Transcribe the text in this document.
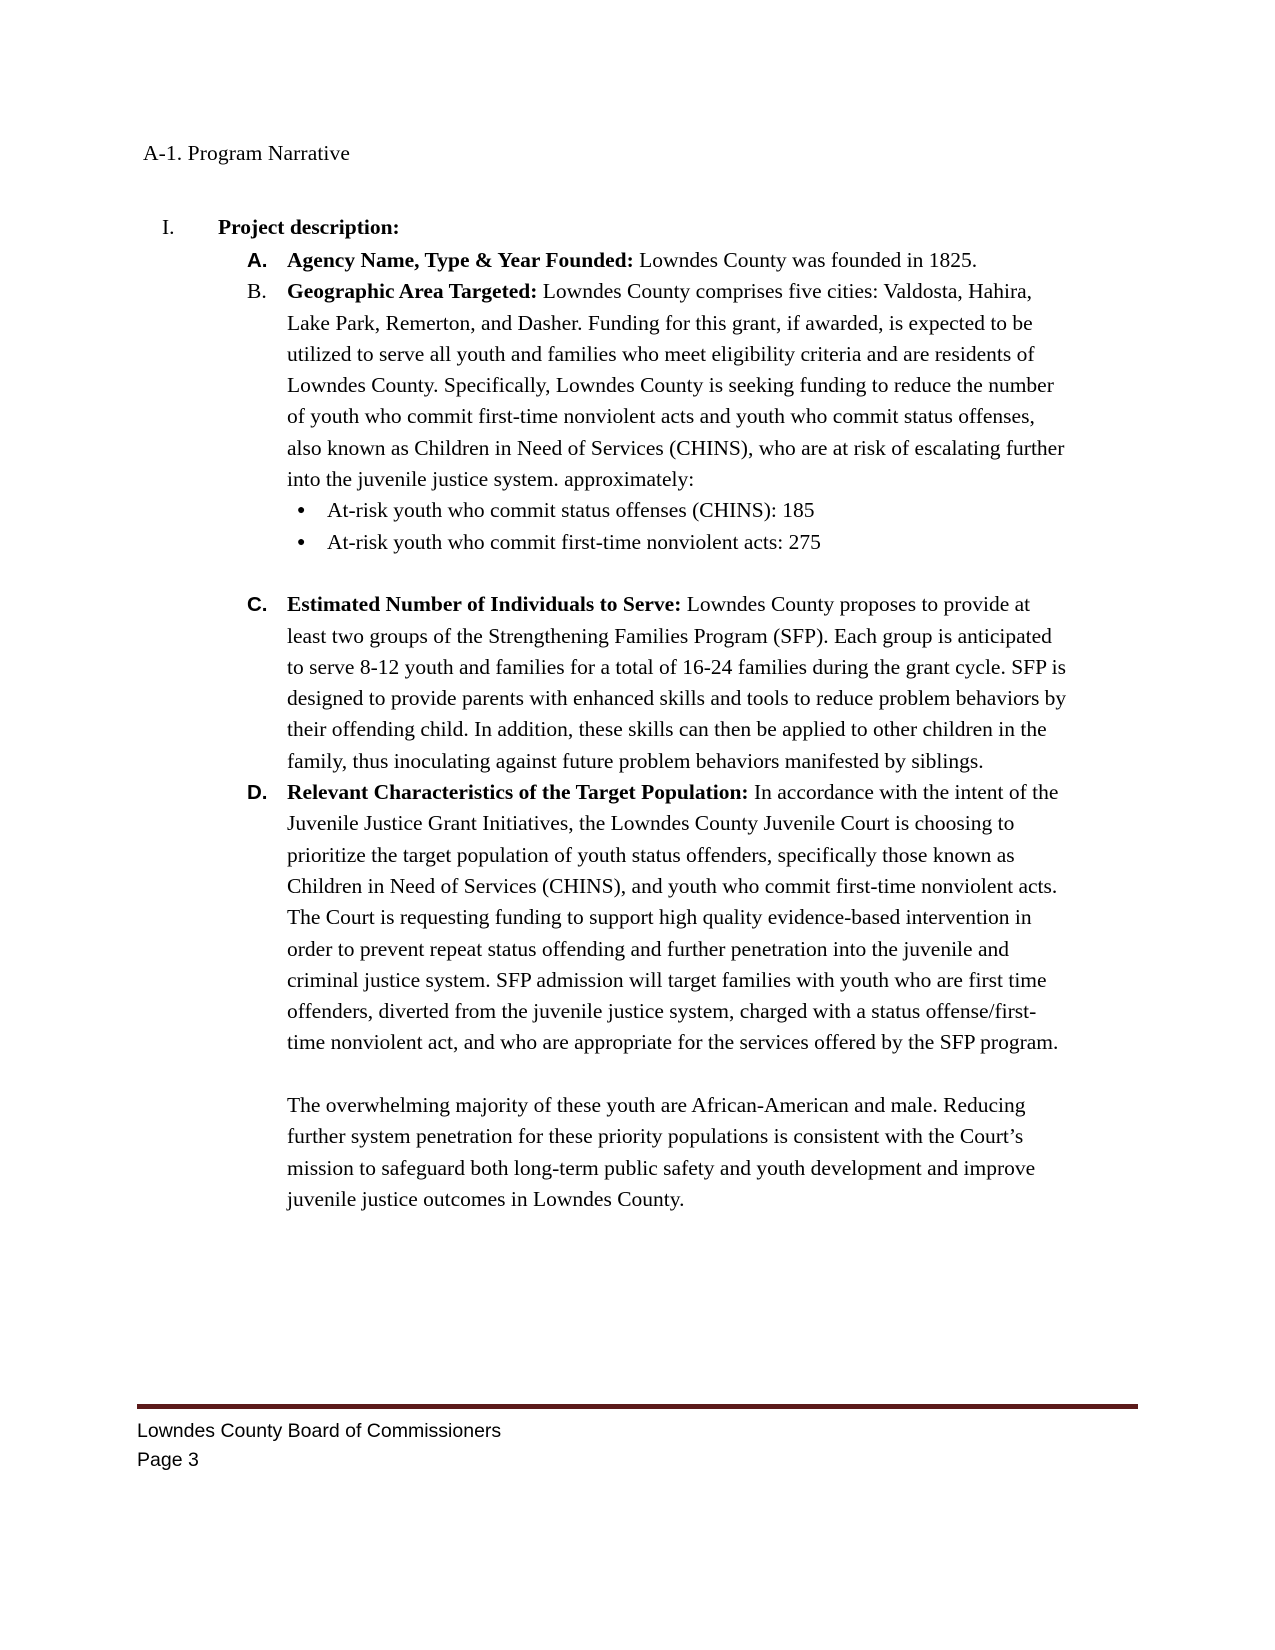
A-1. Program Narrative
I.	Project description:
A. Agency Name, Type & Year Founded: Lowndes County was founded in 1825.
B. Geographic Area Targeted: Lowndes County comprises five cities: Valdosta, Hahira, Lake Park, Remerton, and Dasher. Funding for this grant, if awarded, is expected to be utilized to serve all youth and families who meet eligibility criteria and are residents of Lowndes County. Specifically, Lowndes County is seeking funding to reduce the number of youth who commit first-time nonviolent acts and youth who commit status offenses, also known as Children in Need of Services (CHINS), who are at risk of escalating further into the juvenile justice system. approximately:
●	At-risk youth who commit status offenses (CHINS): 185
●	At-risk youth who commit first-time nonviolent acts: 275
C. Estimated Number of Individuals to Serve: Lowndes County proposes to provide at least two groups of the Strengthening Families Program (SFP). Each group is anticipated to serve 8-12 youth and families for a total of 16-24 families during the grant cycle. SFP is designed to provide parents with enhanced skills and tools to reduce problem behaviors by their offending child. In addition, these skills can then be applied to other children in the family, thus inoculating against future problem behaviors manifested by siblings.
D. Relevant Characteristics of the Target Population: In accordance with the intent of the Juvenile Justice Grant Initiatives, the Lowndes County Juvenile Court is choosing to prioritize the target population of youth status offenders, specifically those known as Children in Need of Services (CHINS), and youth who commit first-time nonviolent acts. The Court is requesting funding to support high quality evidence-based intervention in order to prevent repeat status offending and further penetration into the juvenile and criminal justice system. SFP admission will target families with youth who are first time offenders, diverted from the juvenile justice system, charged with a status offense/first-time nonviolent act, and who are appropriate for the services offered by the SFP program.
The overwhelming majority of these youth are African-American and male. Reducing further system penetration for these priority populations is consistent with the Court’s mission to safeguard both long-term public safety and youth development and improve juvenile justice outcomes in Lowndes County.
Lowndes County Board of Commissioners
Page 3
